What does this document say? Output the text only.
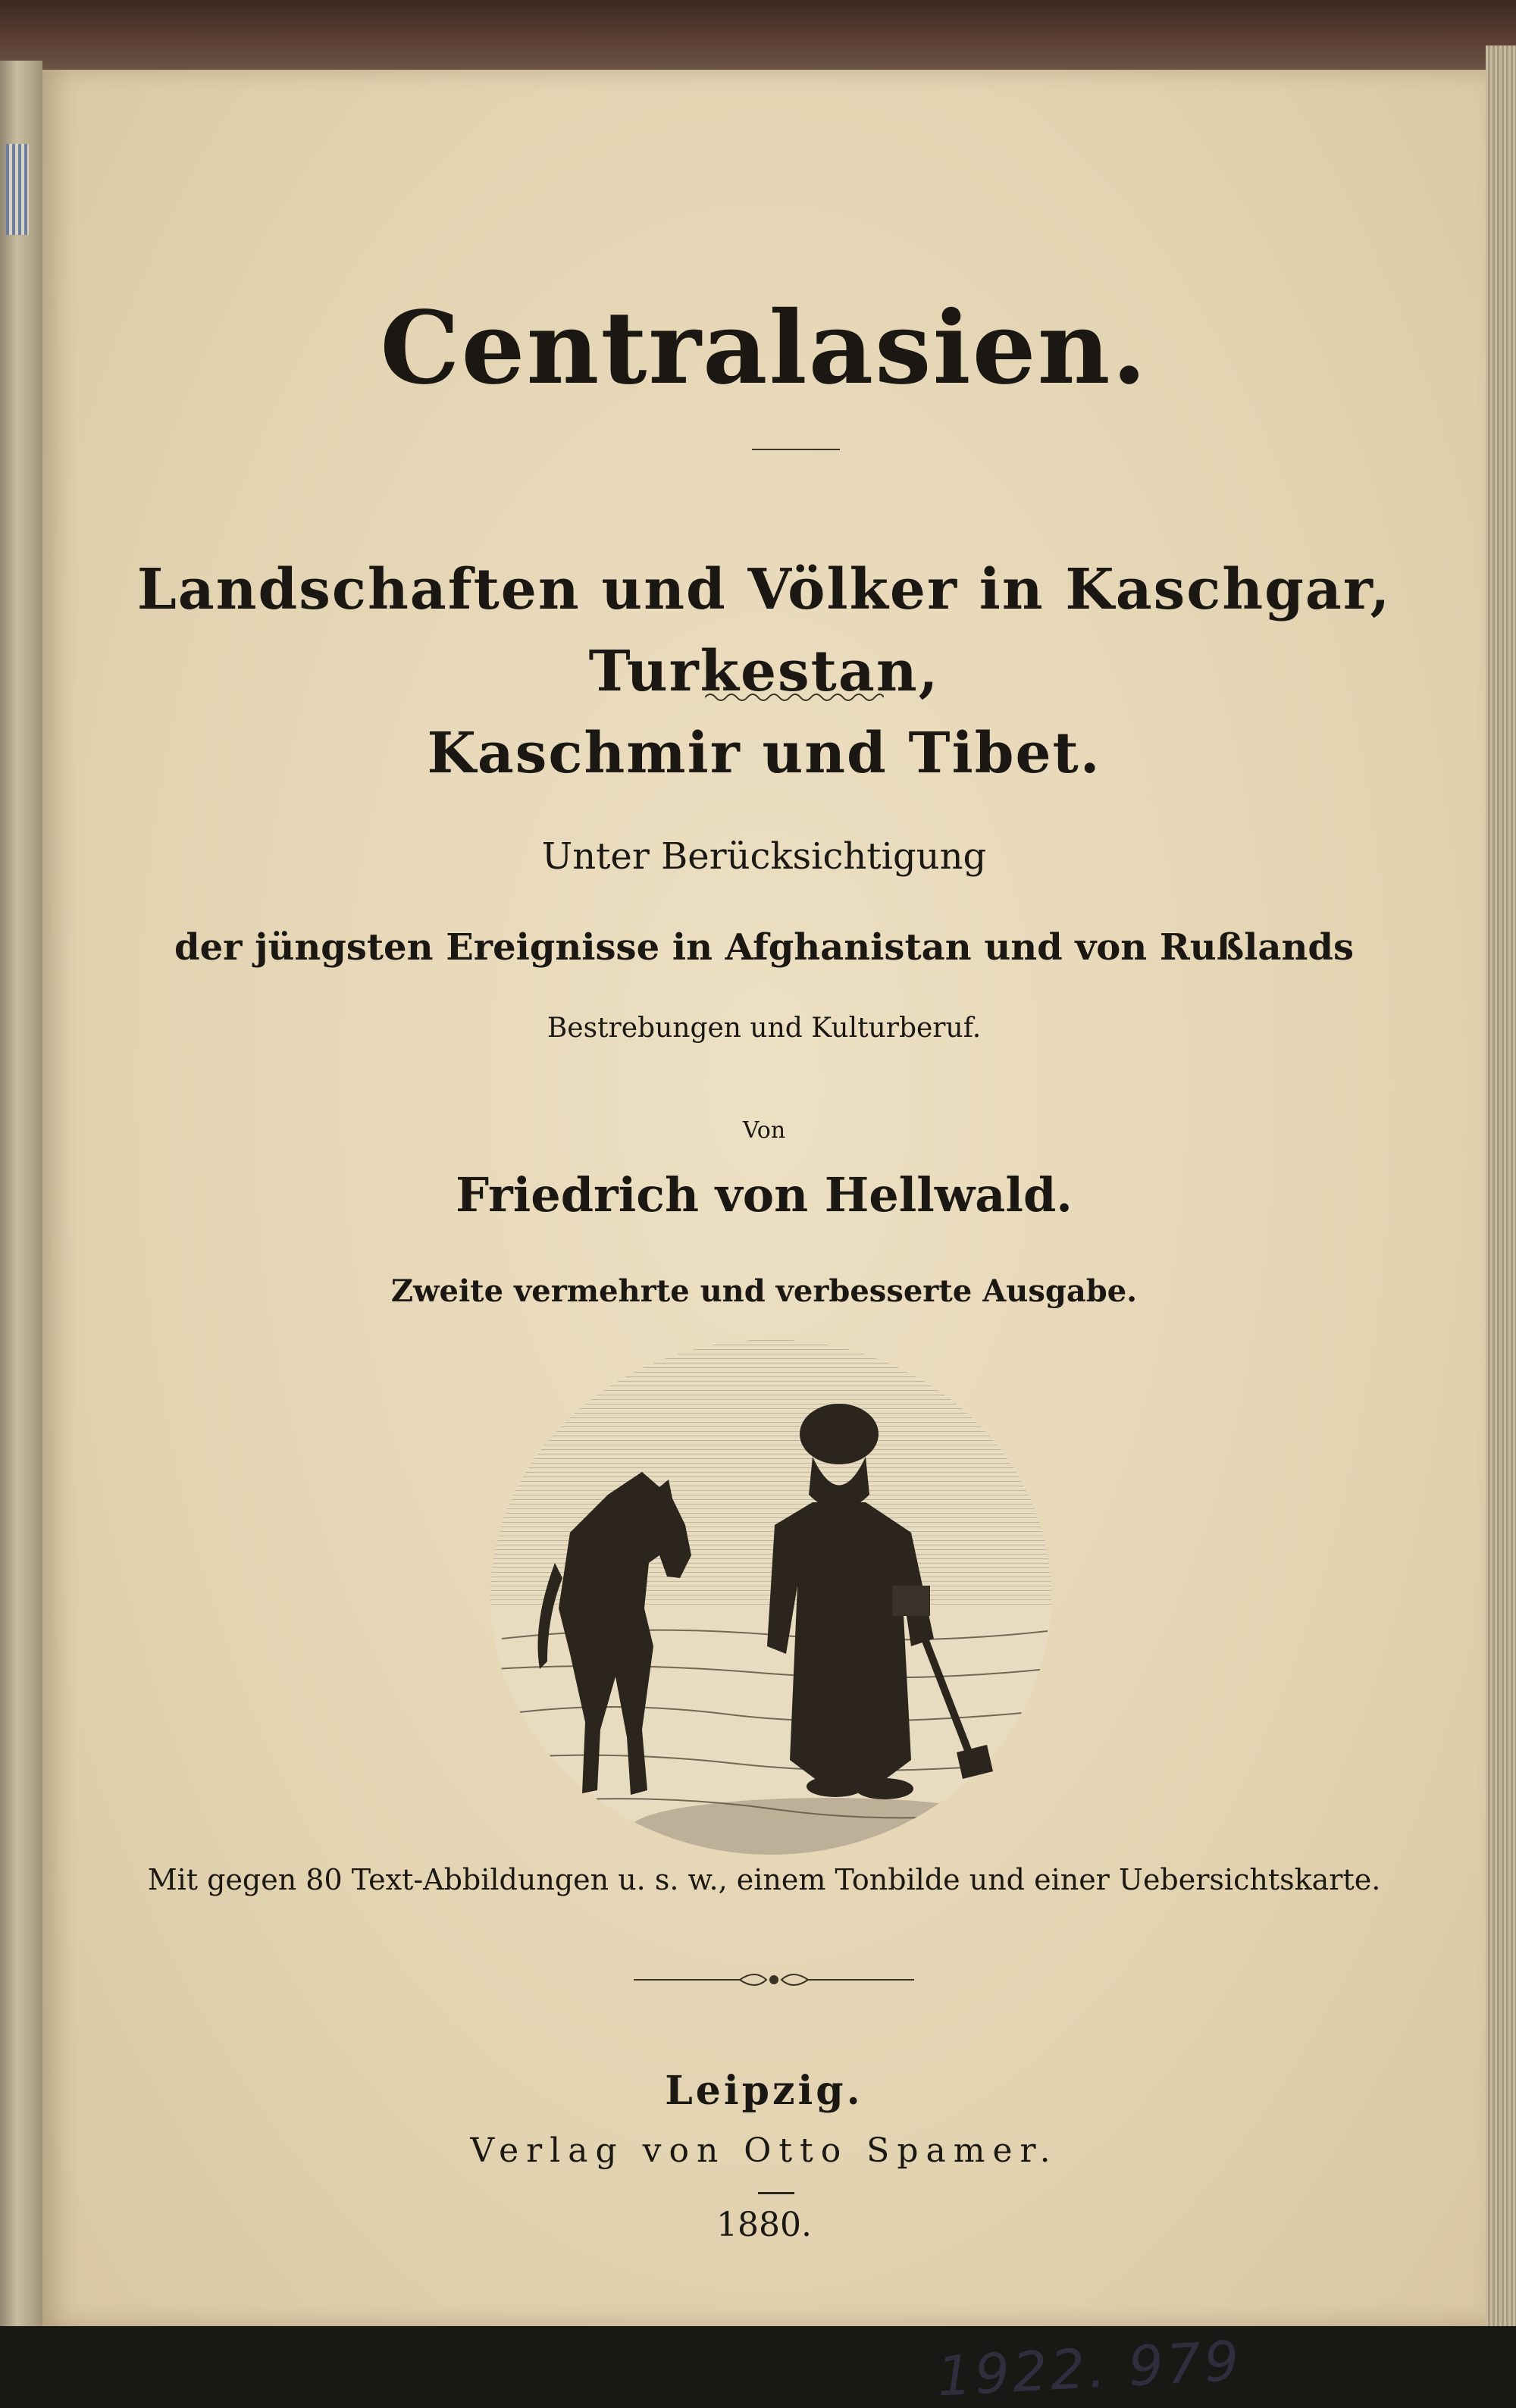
Centralasien.
Landschaften und Völker in Kaschgar, Turkestan,
Kaschmir und Tibet.
Unter Berücksichtigung
der jüngsten Ereignisse in Afghanistan und von Rußlands
Bestrebungen und Kulturberuf.
Von
Friedrich von Hellwald.
Zweite vermehrte und verbesserte Ausgabe.
Mit gegen 80 Text-Abbildungen u. s. w., einem Tonbilde und einer Uebersichtskarte.
Leipzig.
Verlag von Otto Spamer.
1880.
1922. 979
